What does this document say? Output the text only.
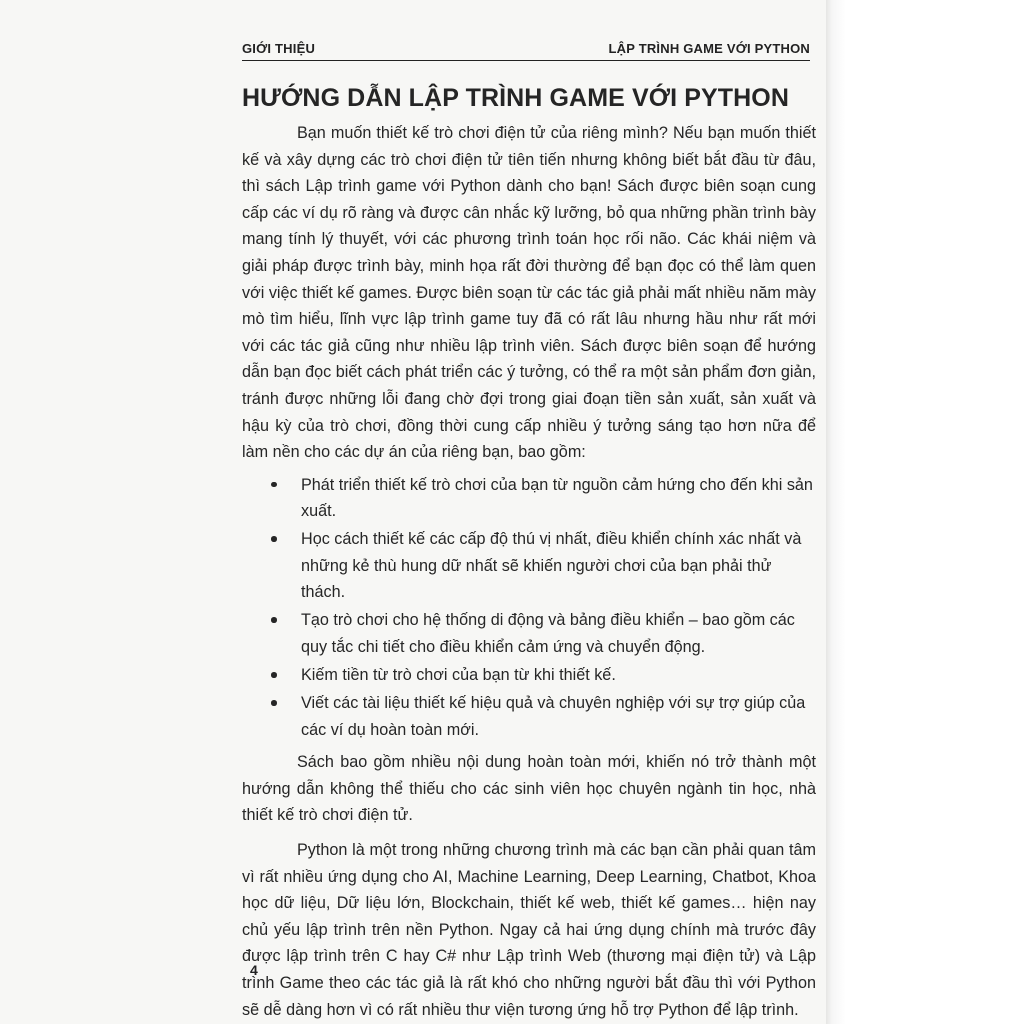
GIỚI THIỆU	LẬP TRÌNH GAME VỚI PYTHON
HƯỚNG DẪN LẬP TRÌNH GAME VỚI PYTHON

Bạn muốn thiết kế trò chơi điện tử của riêng mình? Nếu bạn muốn thiết kế và xây dựng các trò chơi điện tử tiên tiến nhưng không biết bắt đầu từ đâu, thì sách Lập trình game với Python dành cho bạn! Sách được biên soạn cung cấp các ví dụ rõ ràng và được cân nhắc kỹ lưỡng, bỏ qua những phần trình bày mang tính lý thuyết, với các phương trình toán học rối não. Các khái niệm và giải pháp được trình bày, minh họa rất đời thường để bạn đọc có thể làm quen với việc thiết kế games. Được biên soạn từ các tác giả phải mất nhiều năm mày mò tìm hiểu, lĩnh vực lập trình game tuy đã có rất lâu nhưng hầu như rất mới với các tác giả cũng như nhiều lập trình viên. Sách được biên soạn để hướng dẫn bạn đọc biết cách phát triển các ý tưởng, có thể ra một sản phẩm đơn giản, tránh được những lỗi đang chờ đợi trong giai đoạn tiền sản xuất, sản xuất và hậu kỳ của trò chơi, đồng thời cung cấp nhiều ý tưởng sáng tạo hơn nữa để làm nền cho các dự án của riêng bạn, bao gồm:

Phát triển thiết kế trò chơi của bạn từ nguồn cảm hứng cho đến khi sản xuất.
Học cách thiết kế các cấp độ thú vị nhất, điều khiển chính xác nhất và những kẻ thù hung dữ nhất sẽ khiến người chơi của bạn phải thử thách.
Tạo trò chơi cho hệ thống di động và bảng điều khiển – bao gồm các quy tắc chi tiết cho điều khiển cảm ứng và chuyển động.
Kiếm tiền từ trò chơi của bạn từ khi thiết kế.
Viết các tài liệu thiết kế hiệu quả và chuyên nghiệp với sự trợ giúp của các ví dụ hoàn toàn mới.

Sách bao gồm nhiều nội dung hoàn toàn mới, khiến nó trở thành một hướng dẫn không thể thiếu cho các sinh viên học chuyên ngành tin học, nhà thiết kế trò chơi điện tử.

Python là một trong những chương trình mà các bạn cần phải quan tâm vì rất nhiều ứng dụng cho AI, Machine Learning, Deep Learning, Chatbot, Khoa học dữ liệu, Dữ liệu lớn, Blockchain, thiết kế web, thiết kế games… hiện nay chủ yếu lập trình trên nền Python. Ngay cả hai ứng dụng chính mà trước đây được lập trình trên C hay C# như Lập trình Web (thương mại điện tử) và Lập trình Game theo các tác giả là rất khó cho những người bắt đầu thì với Python sẽ dễ dàng hơn vì có rất nhiều thư viện tương ứng hỗ trợ Python để lập trình.

4
